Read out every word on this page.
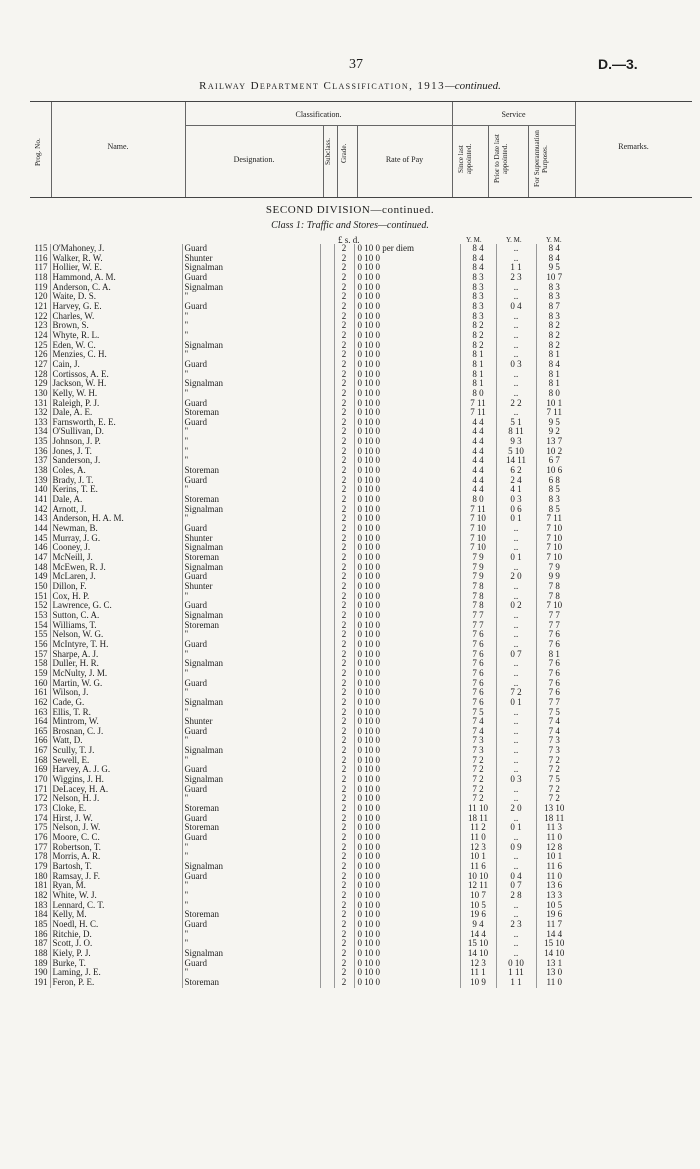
37	D.—3.
Railway Department Classification, 1913—continued.
Prog. No.	Name.
Classification.
Designation.	Subclass.	Grade.	Rate of Pay
Service
Since last appointed.	Prior to Date last appointed.	For Superannuation Purposes.	Remarks.
SECOND DIVISION—continued.
Class 1: Traffic and Stores—continued.
£ s. d.	Y. M.	Y. M.	Y. M.
115	O'Mahoney, J.	Guard		2	0 10 0 per diem	8 4	..	8 4
116	Walker, R. W.	Shunter		2	0 10 0	8 4	..	8 4
117	Hollier, W. E.	Signalman		2	0 10 0	8 4	1 1	9 5
118	Hammond, A. M.	Guard		2	0 10 0	8 3	2 3	10 7
119	Anderson, C. A.	Signalman		2	0 10 0	8 3	..	8 3
120	Waite, D. S.	"		2	0 10 0	8 3	..	8 3
121	Harvey, G. E.	Guard		2	0 10 0	8 3	0 4	8 7
122	Charles, W.	"		2	0 10 0	8 3	..	8 3
123	Brown, S.	"		2	0 10 0	8 2	..	8 2
124	Whyte, R. L.	"		2	0 10 0	8 2	..	8 2
125	Eden, W. C.	Signalman		2	0 10 0	8 2	..	8 2
126	Menzies, C. H.	"		2	0 10 0	8 1	..	8 1
127	Cain, J.	Guard		2	0 10 0	8 1	0 3	8 4
128	Cortissos, A. E.	"		2	0 10 0	8 1	..	8 1
129	Jackson, W. H.	Signalman		2	0 10 0	8 1	..	8 1
130	Kelly, W. H.	"		2	0 10 0	8 0	..	8 0
131	Raleigh, P. J.	Guard		2	0 10 0	7 11	2 2	10 1
132	Dale, A. E.	Storeman		2	0 10 0	7 11	..	7 11
133	Farnsworth, E. E.	Guard		2	0 10 0	4 4	5 1	9 5
134	O'Sullivan, D.	"		2	0 10 0	4 4	8 11	9 2
135	Johnson, J. P.	"		2	0 10 0	4 4	9 3	13 7
136	Jones, J. T.	"		2	0 10 0	4 4	5 10	10 2
137	Sanderson, J.	"		2	0 10 0	4 4	14 11	6 7
138	Coles, A.	Storeman		2	0 10 0	4 4	6 2	10 6
139	Brady, J. T.	Guard		2	0 10 0	4 4	2 4	6 8
140	Kerins, T. E.	"		2	0 10 0	4 4	4 1	8 5
141	Dale, A.	Storeman		2	0 10 0	8 0	0 3	8 3
142	Arnott, J.	Signalman		2	0 10 0	7 11	0 6	8 5
143	Anderson, H. A. M.	"		2	0 10 0	7 10	0 1	7 11
144	Newman, B.	Guard		2	0 10 0	7 10	..	7 10
145	Murray, J. G.	Shunter		2	0 10 0	7 10	..	7 10
146	Cooney, J.	Signalman		2	0 10 0	7 10	..	7 10
147	McNeill, J.	Storeman		2	0 10 0	7 9	0 1	7 10
148	McEwen, R. J.	Signalman		2	0 10 0	7 9	..	7 9
149	McLaren, J.	Guard		2	0 10 0	7 9	2 0	9 9
150	Dillon, F.	Shunter		2	0 10 0	7 8	..	7 8
151	Cox, H. P.	"		2	0 10 0	7 8	..	7 8
152	Lawrence, G. C.	Guard		2	0 10 0	7 8	0 2	7 10
153	Sutton, C. A.	Signalman		2	0 10 0	7 7	..	7 7
154	Williams, T.	Storeman		2	0 10 0	7 7	..	7 7
155	Nelson, W. G.	"		2	0 10 0	7 6	..	7 6
156	McIntyre, T. H.	Guard		2	0 10 0	7 6	..	7 6
157	Sharpe, A. J.	"		2	0 10 0	7 6	0 7	8 1
158	Duller, H. R.	Signalman		2	0 10 0	7 6	..	7 6
159	McNulty, J. M.	"		2	0 10 0	7 6	..	7 6
160	Martin, W. G.	Guard		2	0 10 0	7 6	..	7 6
161	Wilson, J.	"		2	0 10 0	7 6	7 2	7 6
162	Cade, G.	Signalman		2	0 10 0	7 6	0 1	7 7
163	Ellis, T. R.	"		2	0 10 0	7 5	..	7 5
164	Mintrom, W.	Shunter		2	0 10 0	7 4	..	7 4
165	Brosnan, C. J.	Guard		2	0 10 0	7 4	..	7 4
166	Watt, D.	"		2	0 10 0	7 3	..	7 3
167	Scully, T. J.	Signalman		2	0 10 0	7 3	..	7 3
168	Sewell, E.	"		2	0 10 0	7 2	..	7 2
169	Harvey, A. J. G.	Guard		2	0 10 0	7 2	..	7 2
170	Wiggins, J. H.	Signalman		2	0 10 0	7 2	0 3	7 5
171	DeLacey, H. A.	Guard		2	0 10 0	7 2	..	7 2
172	Nelson, H. J.	"		2	0 10 0	7 2	..	7 2
173	Cloke, E.	Storeman		2	0 10 0	11 10	2 0	13 10
174	Hirst, J. W.	Guard		2	0 10 0	18 11	..	18 11
175	Nelson, J. W.	Storeman		2	0 10 0	11 2	0 1	11 3
176	Moore, C. C.	Guard		2	0 10 0	11 0	..	11 0
177	Robertson, T.	"		2	0 10 0	12 3	0 9	12 8
178	Morris, A. R.	"		2	0 10 0	10 1	..	10 1
179	Bartosh, T.	Signalman		2	0 10 0	11 6	..	11 6
180	Ramsay, J. F.	Guard		2	0 10 0	10 10	0 4	11 0
181	Ryan, M.	"		2	0 10 0	12 11	0 7	13 6
182	White, W. J.	"		2	0 10 0	10 7	2 8	13 3
183	Lennard, C. T.	"		2	0 10 0	10 5	..	10 5
184	Kelly, M.	Storeman		2	0 10 0	19 6	..	19 6
185	Noedl, H. C.	Guard		2	0 10 0	9 4	2 3	11 7
186	Ritchie, D.	"		2	0 10 0	14 4	..	14 4
187	Scott, J. O.	"		2	0 10 0	15 10	..	15 10
188	Kiely, P. J.	Signalman		2	0 10 0	14 10	..	14 10
189	Burke, T.	Guard		2	0 10 0	12 3	0 10	13 1
190	Laming, J. E.	"		2	0 10 0	11 1	1 11	13 0
191	Feron, P. E.	Storeman		2	0 10 0	10 9	1 1	11 0
